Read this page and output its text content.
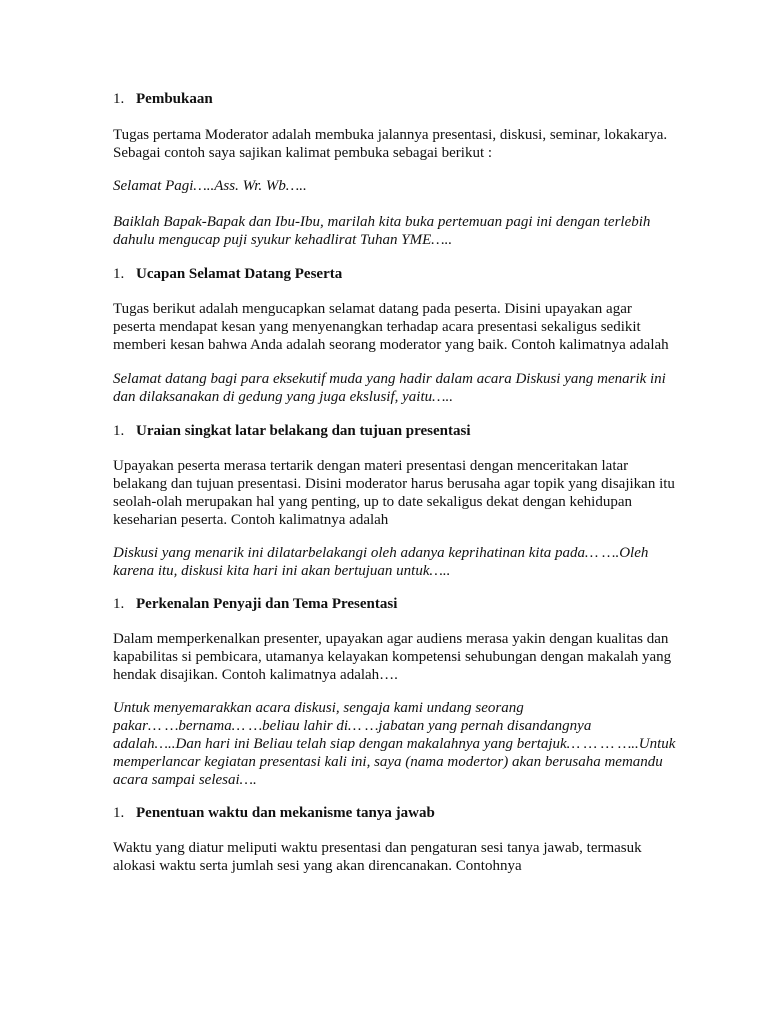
1. Pembukaan
Tugas pertama Moderator adalah membuka jalannya presentasi, diskusi, seminar, lokakarya.
Sebagai contoh saya sajikan kalimat pembuka sebagai berikut :
Selamat Pagi…..Ass. Wr. Wb…..
Baiklah Bapak-Bapak dan Ibu-Ibu, marilah kita buka pertemuan pagi ini dengan terlebih
dahulu mengucap puji syukur kehadlirat Tuhan YME…..
1. Ucapan Selamat Datang Peserta
Tugas berikut adalah mengucapkan selamat datang pada peserta. Disini upayakan agar
peserta mendapat kesan yang menyenangkan terhadap acara presentasi sekaligus sedikit
memberi kesan bahwa Anda adalah seorang moderator yang baik. Contoh kalimatnya adalah
Selamat datang bagi para eksekutif muda yang hadir dalam acara Diskusi yang menarik ini
dan dilaksanakan di gedung yang juga ekslusif, yaitu…..
1. Uraian singkat latar belakang dan tujuan presentasi
Upayakan peserta merasa tertarik dengan materi presentasi dengan menceritakan latar
belakang dan tujuan presentasi. Disini moderator harus berusaha agar topik yang disajikan itu
seolah-olah merupakan hal yang penting, up to date sekaligus dekat dengan kehidupan
keseharian peserta. Contoh kalimatnya adalah
Diskusi yang menarik ini dilatarbelakangi oleh adanya keprihatinan kita pada… ….Oleh
karena itu, diskusi kita hari ini akan bertujuan untuk…..
1. Perkenalan Penyaji dan Tema Presentasi
Dalam memperkenalkan presenter, upayakan agar audiens merasa yakin dengan kualitas dan
kapabilitas si pembicara, utamanya kelayakan kompetensi sehubungan dengan makalah yang
hendak disajikan. Contoh kalimatnya adalah….
Untuk menyemarakkan acara diskusi, sengaja kami undang seorang
pakar… …bernama… …beliau lahir di… …jabatan yang pernah disandangnya
adalah…..Dan hari ini Beliau telah siap dengan makalahnya yang bertajuk… … … …..Untuk
memperlancar kegiatan presentasi kali ini, saya (nama modertor) akan berusaha memandu
acara sampai selesai….
1. Penentuan waktu dan mekanisme tanya jawab
Waktu yang diatur meliputi waktu presentasi dan pengaturan sesi tanya jawab, termasuk
alokasi waktu serta jumlah sesi yang akan direncanakan. Contohnya
